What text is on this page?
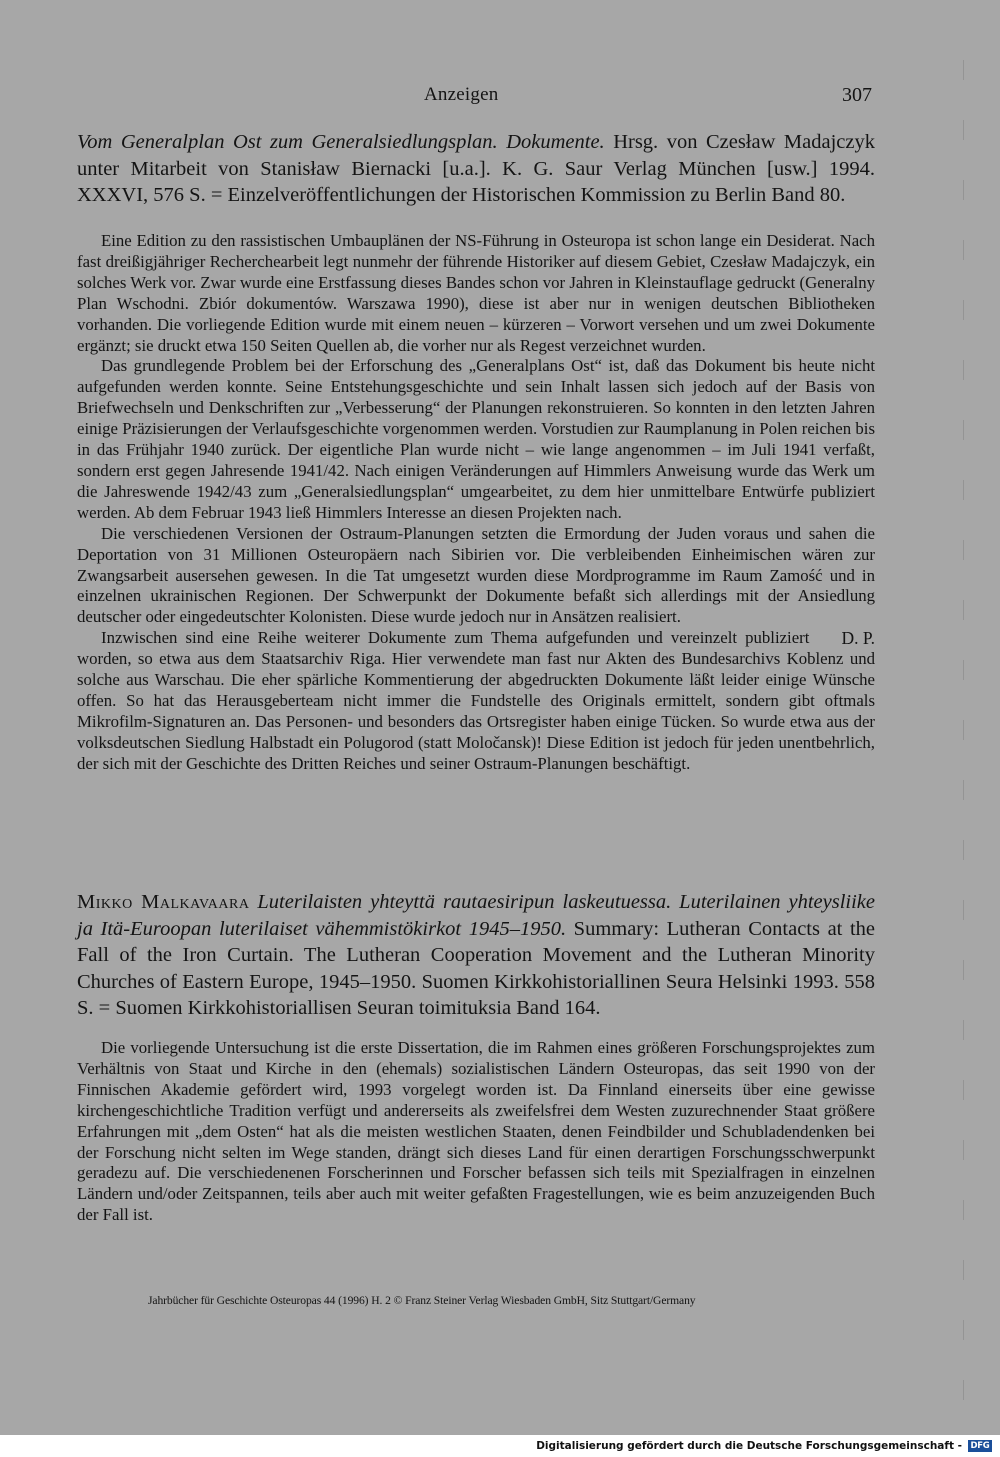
Anzeigen	307
Vom Generalplan Ost zum Generalsiedlungsplan. Dokumente. Hrsg. von Czesław Madajczyk unter Mitarbeit von Stanisław Biernacki [u.a.]. K. G. Saur Verlag München [usw.] 1994. XXXVI, 576 S. = Einzelveröffentlichungen der Historischen Kommission zu Berlin Band 80.

Eine Edition zu den rassistischen Umbauplänen der NS-Führung in Osteuropa ist schon lange ein Desiderat. Nach fast dreißigjähriger Recherchearbeit legt nunmehr der führende Historiker auf diesem Gebiet, Czesław Madajczyk, ein solches Werk vor. Zwar wurde eine Erstfassung dieses Bandes schon vor Jahren in Kleinstauflage gedruckt (Generalny Plan Wschodni. Zbiór dokumentów. Warszawa 1990), diese ist aber nur in wenigen deutschen Bibliotheken vorhanden. Die vorliegende Edition wurde mit einem neuen – kürzeren – Vorwort versehen und um zwei Dokumente ergänzt; sie druckt etwa 150 Seiten Quellen ab, die vorher nur als Regest verzeichnet wurden.

Das grundlegende Problem bei der Erforschung des „Generalplans Ost“ ist, daß das Dokument bis heute nicht aufgefunden werden konnte. Seine Entstehungsgeschichte und sein Inhalt lassen sich jedoch auf der Basis von Briefwechseln und Denkschriften zur „Verbesserung“ der Planungen rekonstruieren. So konnten in den letzten Jahren einige Präzisierungen der Verlaufsgeschichte vorgenommen werden. Vorstudien zur Raumplanung in Polen reichen bis in das Frühjahr 1940 zurück. Der eigentliche Plan wurde nicht – wie lange angenommen – im Juli 1941 verfaßt, sondern erst gegen Jahresende 1941/42. Nach einigen Veränderungen auf Himmlers Anweisung wurde das Werk um die Jahreswende 1942/43 zum „Generalsiedlungsplan“ umgearbeitet, zu dem hier unmittelbare Entwürfe publiziert werden. Ab dem Februar 1943 ließ Himmlers Interesse an diesen Projekten nach.

Die verschiedenen Versionen der Ostraum-Planungen setzten die Ermordung der Juden voraus und sahen die Deportation von 31 Millionen Osteuropäern nach Sibirien vor. Die verbleibenden Einheimischen wären zur Zwangsarbeit ausersehen gewesen. In die Tat umgesetzt wurden diese Mordprogramme im Raum Zamość und in einzelnen ukrainischen Regionen. Der Schwerpunkt der Dokumente befaßt sich allerdings mit der Ansiedlung deutscher oder eingedeutschter Kolonisten. Diese wurde jedoch nur in Ansätzen realisiert.

D. P.
Inzwischen sind eine Reihe weiterer Dokumente zum Thema aufgefunden und vereinzelt publiziert worden, so etwa aus dem Staatsarchiv Riga. Hier verwendete man fast nur Akten des Bundesarchivs Koblenz und solche aus Warschau. Die eher spärliche Kommentierung der abgedruckten Dokumente läßt leider einige Wünsche offen. So hat das Herausgeberteam nicht immer die Fundstelle des Originals ermittelt, sondern gibt oftmals Mikrofilm-Signaturen an. Das Personen- und besonders das Ortsregister haben einige Tücken. So wurde etwa aus der volksdeutschen Siedlung Halbstadt ein Polugorod (statt Moločansk)! Diese Edition ist jedoch für jeden unentbehrlich, der sich mit der Geschichte des Dritten Reiches und seiner Ostraum-Planungen beschäftigt.

Mikko Malkavaara Luterilaisten yhteyttä rautaesiripun laskeutuessa. Luterilainen yhteysliike ja Itä-Euroopan luterilaiset vähemmistökirkot 1945–1950. Summary: Lutheran Contacts at the Fall of the Iron Curtain. The Lutheran Cooperation Movement and the Lutheran Minority Churches of Eastern Europe, 1945–1950. Suomen Kirkkohistoriallinen Seura Helsinki 1993. 558 S. = Suomen Kirkkohistoriallisen Seuran toimituksia Band 164.

Die vorliegende Untersuchung ist die erste Dissertation, die im Rahmen eines größeren Forschungsprojektes zum Verhältnis von Staat und Kirche in den (ehemals) sozialistischen Ländern Osteuropas, das seit 1990 von der Finnischen Akademie gefördert wird, 1993 vorgelegt worden ist. Da Finnland einerseits über eine gewisse kirchengeschichtliche Tradition verfügt und andererseits als zweifelsfrei dem Westen zuzurechnender Staat größere Erfahrungen mit „dem Osten“ hat als die meisten westlichen Staaten, denen Feindbilder und Schubladendenken bei der Forschung nicht selten im Wege standen, drängt sich dieses Land für einen derartigen Forschungsschwerpunkt geradezu auf. Die verschiedenenen Forscherinnen und Forscher befassen sich teils mit Spezialfragen in einzelnen Ländern und/oder Zeitspannen, teils aber auch mit weiter gefaßten Fragestellungen, wie es beim anzuzeigenden Buch der Fall ist.

Jahrbücher für Geschichte Osteuropas 44 (1996) H. 2 © Franz Steiner Verlag Wiesbaden GmbH, Sitz Stuttgart/Germany
Digitalisierung gefördert durch die Deutsche Forschungsgemeinschaft - DFG
